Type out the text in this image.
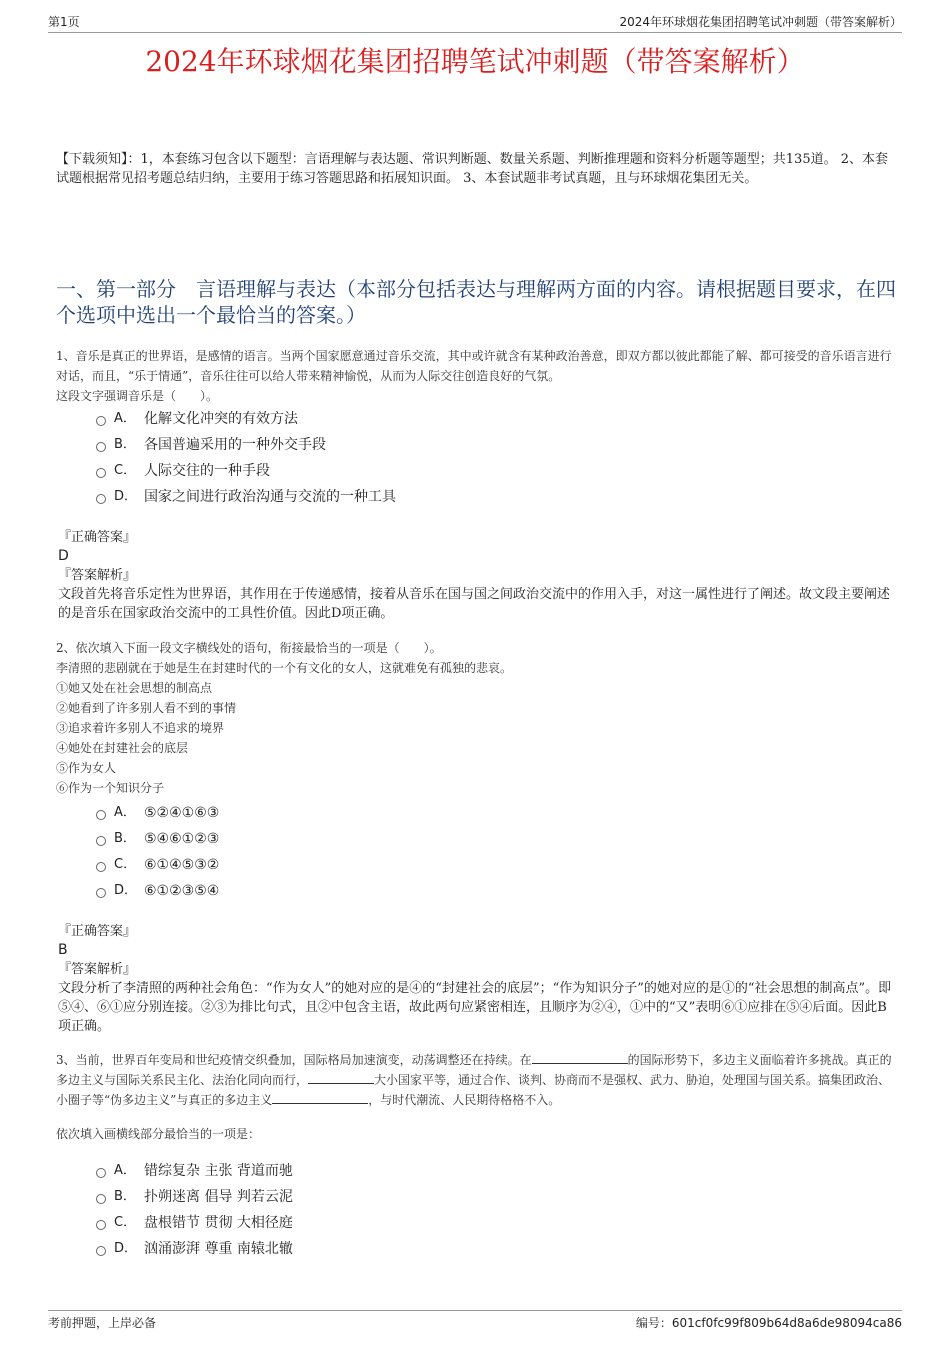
第1页	2024年环球烟花集团招聘笔试冲刺题（带答案解析）
2024年环球烟花集团招聘笔试冲刺题（带答案解析）
【下载须知】：1，本套练习包含以下题型：言语理解与表达题、常识判断题、数量关系题、判断推理题和资料分析题等题型；共135道。 2、本套试题根据常见招考题总结归纳，主要用于练习答题思路和拓展知识面。 3、本套试题非考试真题，且与环球烟花集团无关。
一、第一部分　言语理解与表达（本部分包括表达与理解两方面的内容。请根据题目要求，在四个选项中选出一个最恰当的答案。）

1、音乐是真正的世界语，是感情的语言。当两个国家愿意通过音乐交流，其中或许就含有某种政治善意，即双方都以彼此都能了解、都可接受的音乐语言进行对话，而且，“乐于情通”，音乐往往可以给人带来精神愉悦，从而为人际交往创造良好的气氛。

这段文字强调音乐是（　　）。

A． 化解文化冲突的有效方法
B． 各国普遍采用的一种外交手段
C． 人际交往的一种手段
D． 国家之间进行政治沟通与交流的一种工具

『正确答案』

D

『答案解析』

文段首先将音乐定性为世界语，其作用在于传递感情，接着从音乐在国与国之间政治交流中的作用入手，对这一属性进行了阐述。故文段主要阐述的是音乐在国家政治交流中的工具性价值。因此D项正确。

2、依次填入下面一段文字横线处的语句，衔接最恰当的一项是（　　）。

李清照的悲剧就在于她是生在封建时代的一个有文化的女人，这就难免有孤独的悲哀。

①她又处在社会思想的制高点

②她看到了许多别人看不到的事情

③追求着许多别人不追求的境界

④她处在封建社会的底层

⑤作为女人

⑥作为一个知识分子

A． ⑤②④①⑥③
B． ⑤④⑥①②③
C． ⑥①④⑤③②
D． ⑥①②③⑤④

『正确答案』

B

『答案解析』

文段分析了李清照的两种社会角色：“作为女人”的她对应的是④的“封建社会的底层”；“作为知识分子”的她对应的是①的“社会思想的制高点”。即⑤④、⑥①应分别连接。②③为排比句式，且②中包含主语，故此两句应紧密相连，且顺序为②④，①中的“又”表明⑥①应排在⑤④后面。因此B项正确。

3、当前，世界百年变局和世纪疫情交织叠加，国际格局加速演变，动荡调整还在持续。在	的国际形势下，多边主义面临着许多挑战。真正的多边主义与国际关系民主化、法治化同向而行，	大小国家平等，通过合作、谈判、协商而不是强权、武力、胁迫，处理国与国关系。搞集团政治、小圈子等“伪多边主义”与真正的多边主义	，与时代潮流、人民期待格格不入。

依次填入画横线部分最恰当的一项是：

A． 错综复杂 主张 背道而驰
B． 扑朔迷离 倡导 判若云泥
C． 盘根错节 贯彻 大相径庭
D． 汹涌澎湃 尊重 南辕北辙
考前押题，上岸必备	编号：601cf0fc99f809b64d8a6de98094ca86
